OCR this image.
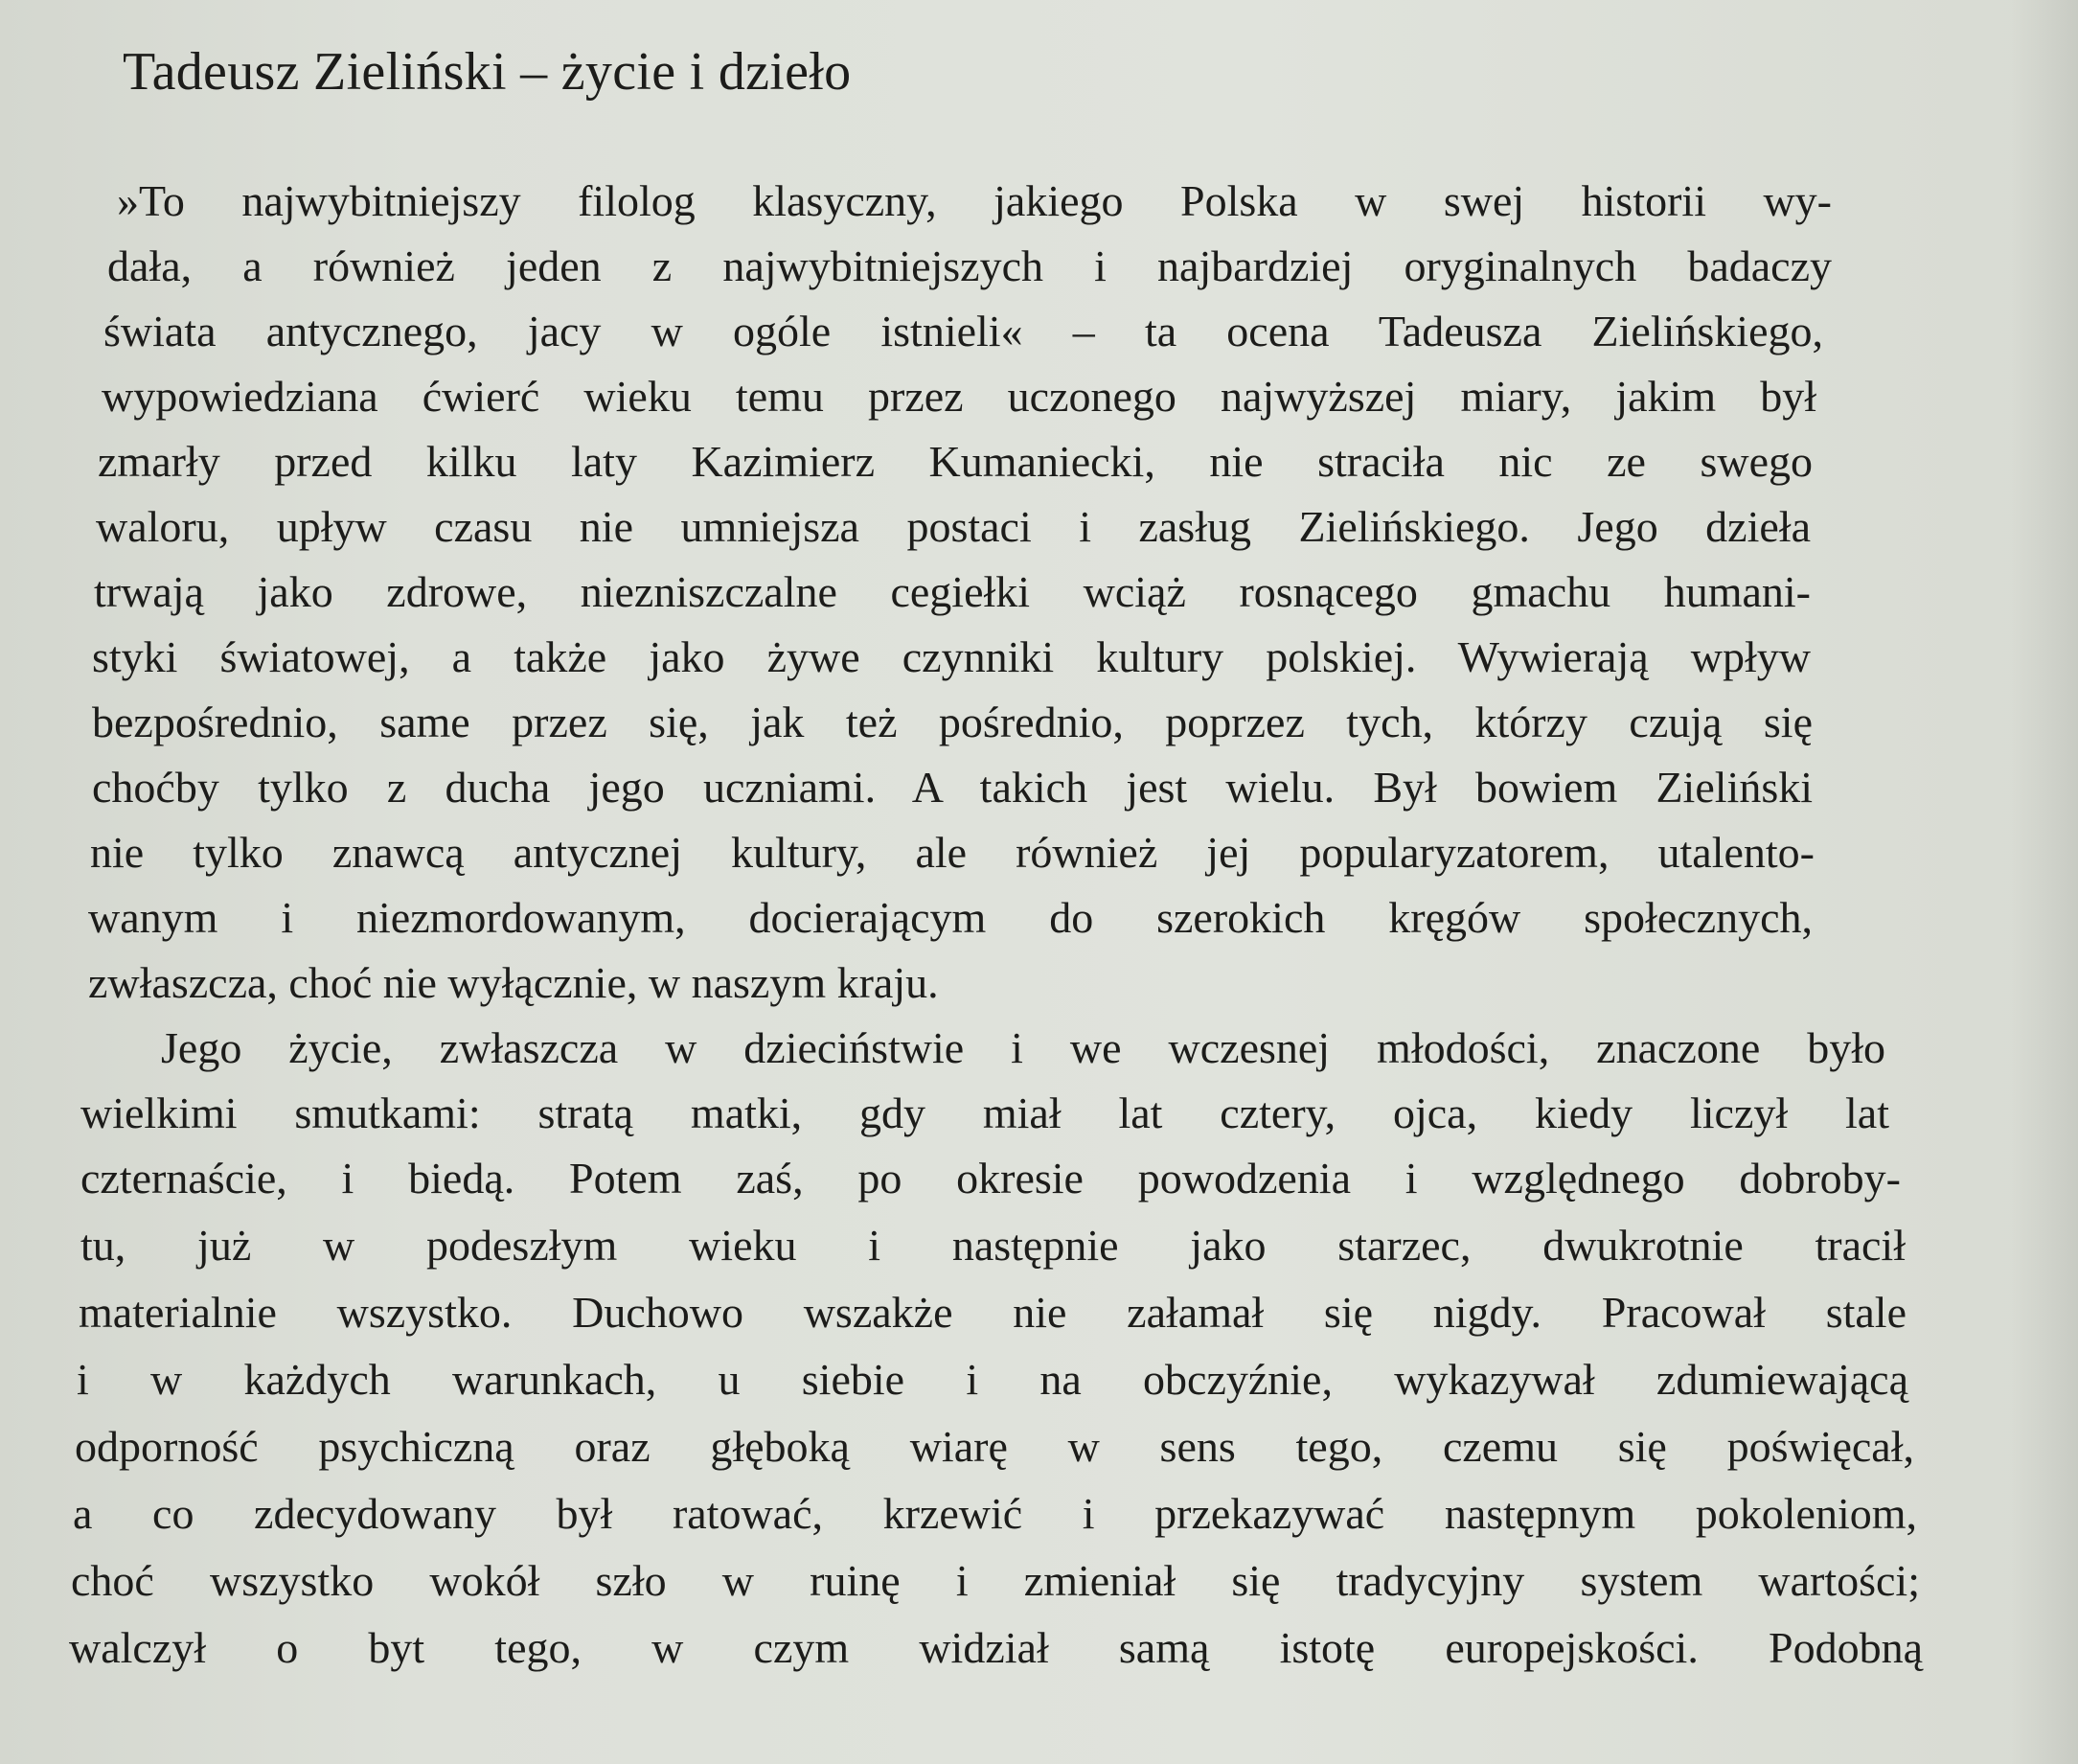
Tadeusz Zieliński – życie i dzieło

»To najwybitniejszy filolog klasyczny, jakiego Polska w swej historii wy-

dała, a również jeden z najwybitniejszych i najbardziej oryginalnych badaczy

świata antycznego, jacy w ogóle istnieli« – ta ocena Tadeusza Zielińskiego,

wypowiedziana ćwierć wieku temu przez uczonego najwyższej miary, jakim był

zmarły przed kilku laty Kazimierz Kumaniecki, nie straciła nic ze swego

waloru, upływ czasu nie umniejsza postaci i zasług Zielińskiego. Jego dzieła

trwają jako zdrowe, niezniszczalne cegiełki wciąż rosnącego gmachu humani-

styki światowej, a także jako żywe czynniki kultury polskiej. Wywierają wpływ

bezpośrednio, same przez się, jak też pośrednio, poprzez tych, którzy czują się

choćby tylko z ducha jego uczniami. A takich jest wielu. Był bowiem Zieliński

nie tylko znawcą antycznej kultury, ale również jej popularyzatorem, utalento-

wanym i niezmordowanym, docierającym do szerokich kręgów społecznych,

zwłaszcza, choć nie wyłącznie, w naszym kraju.

Jego życie, zwłaszcza w dzieciństwie i we wczesnej młodości, znaczone było

wielkimi smutkami: stratą matki, gdy miał lat cztery, ojca, kiedy liczył lat

czternaście, i biedą. Potem zaś, po okresie powodzenia i względnego dobroby-

tu, już w podeszłym wieku i następnie jako starzec, dwukrotnie tracił

materialnie wszystko. Duchowo wszakże nie załamał się nigdy. Pracował stale

i w każdych warunkach, u siebie i na obczyźnie, wykazywał zdumiewającą

odporność psychiczną oraz głęboką wiarę w sens tego, czemu się poświęcał,

a co zdecydowany był ratować, krzewić i przekazywać następnym pokoleniom,

choć wszystko wokół szło w ruinę i zmieniał się tradycyjny system wartości;

walczył o byt tego, w czym widział samą istotę europejskości. Podobną
